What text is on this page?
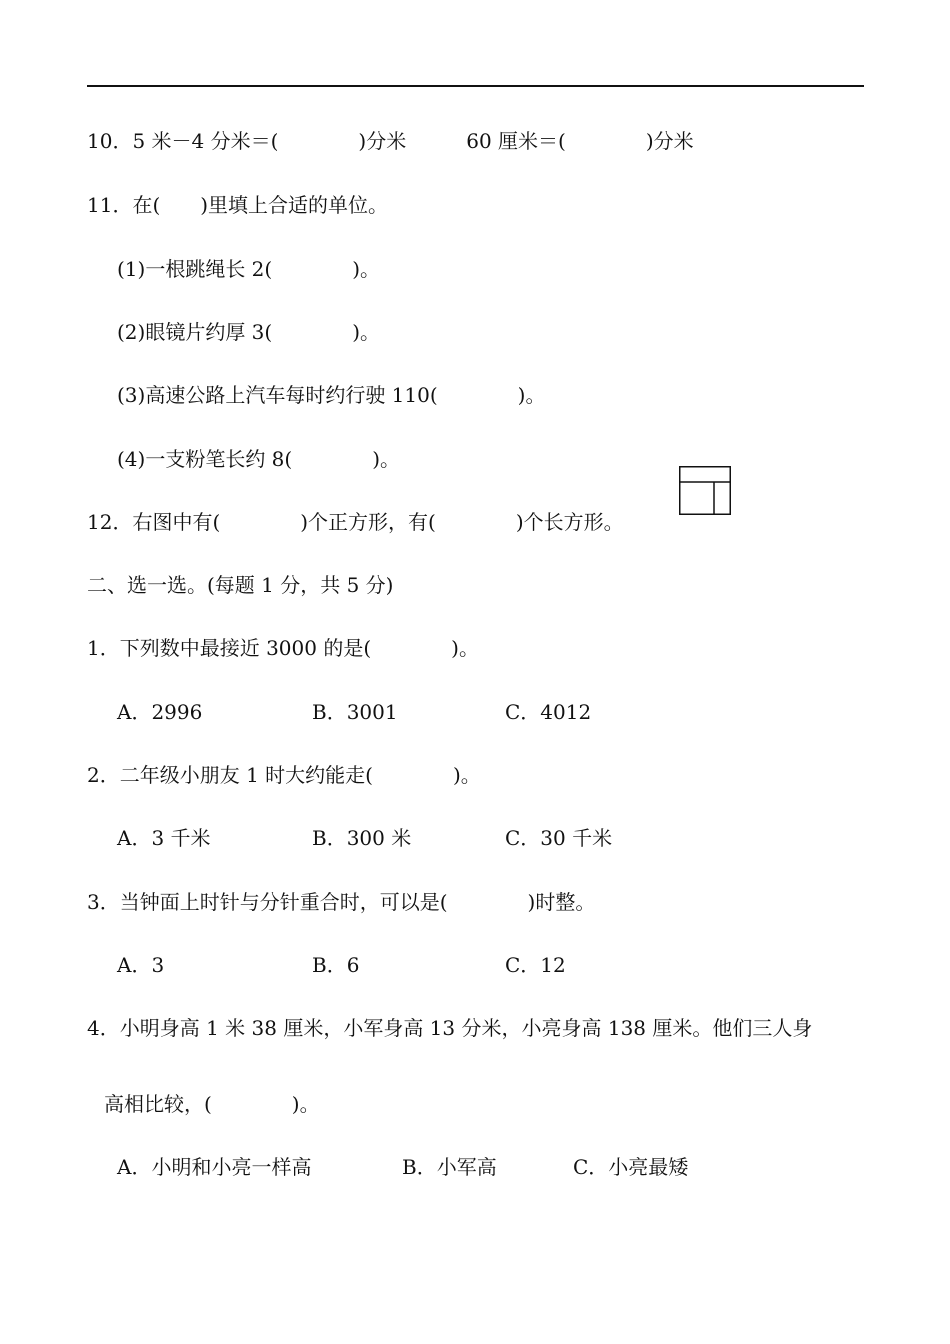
10．5 米－4 分米＝(　　　　)分米　　　60 厘米＝(　　　　)分米
11．在(　　)里填上合适的单位。
(1)一根跳绳长 2(　　　　)。
(2)眼镜片约厚 3(　　　　)。
(3)高速公路上汽车每时约行驶 110(　　　　)。
(4)一支粉笔长约 8(　　　　)。
12．右图中有(　　　　)个正方形，有(　　　　)个长方形。
二、选一选。(每题 1 分，共 5 分)
1．下列数中最接近 3000 的是(　　　　)。
A．2996	B．3001	C．4012
2．二年级小朋友 1 时大约能走(　　　　)。
A．3 千米	B．300 米	C．30 千米
3．当钟面上时针与分针重合时，可以是(　　　　)时整。
A．3	B．6	C．12
4．小明身高 1 米 38 厘米，小军身高 13 分米，小亮身高 138 厘米。他们三人身
高相比较，(　　　　)。
A．小明和小亮一样高	B．小军高	C．小亮最矮
